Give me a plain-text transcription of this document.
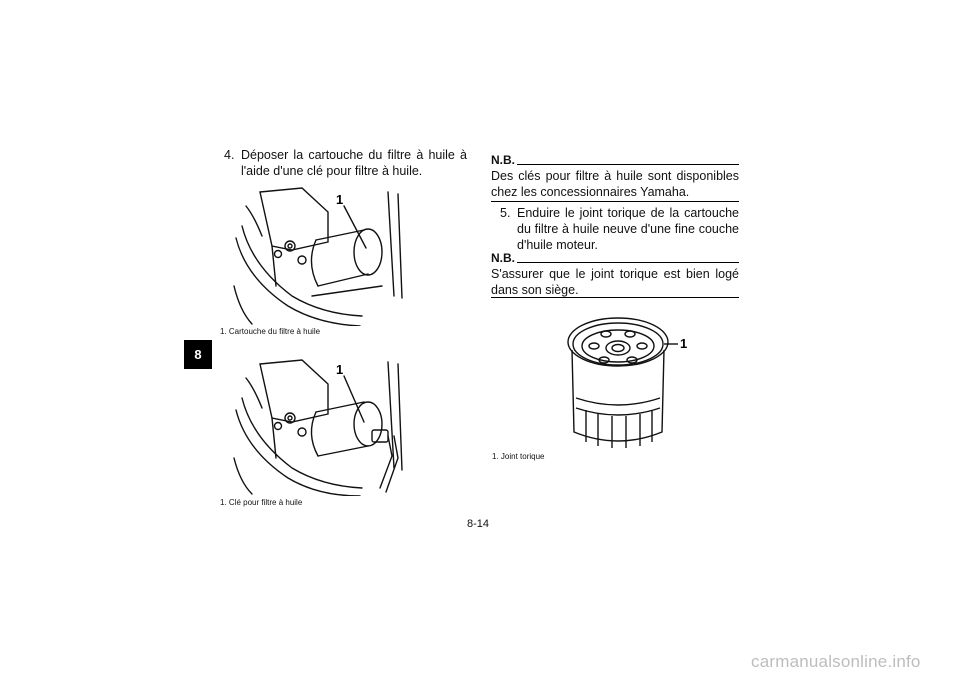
8
4. Déposer la cartouche du filtre à huile à l'aide d'une clé pour filtre à huile.
1
1. Cartouche du filtre à huile
1
1. Clé pour filtre à huile
N.B.
Des clés pour filtre à huile sont disponibles chez les concessionnaires Yamaha.
5. Enduire le joint torique de la cartouche du filtre à huile neuve d'une fine couche d'huile moteur.
N.B.
S'assurer que le joint torique est bien logé dans son siège.
1
1. Joint torique
8-14
carmanualsonline.info
